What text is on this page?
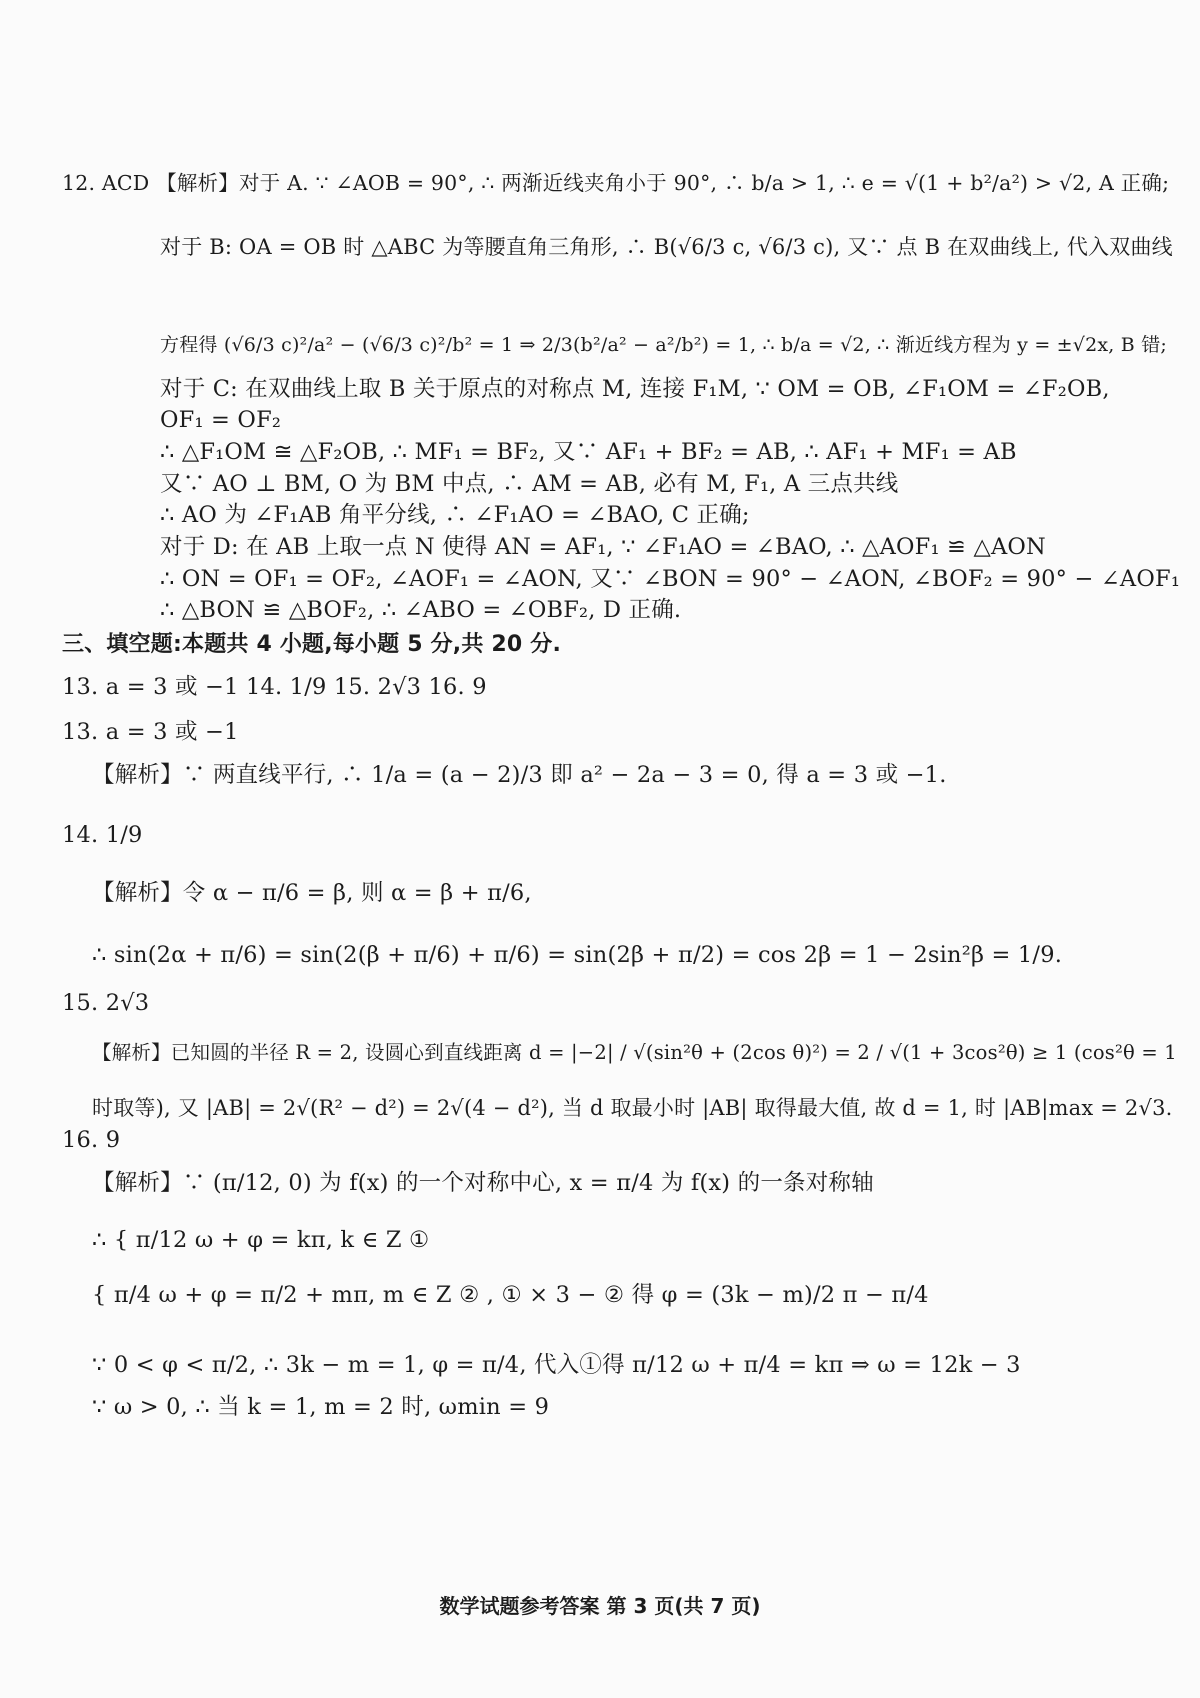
12. ACD 【解析】对于 A. ∵ ∠AOB = 90°, ∴ 两渐近线夹角小于 90°, ∴ b/a > 1, ∴ e = √(1 + b²/a²) > √2, A 正确;
对于 B: OA = OB 时 △ABC 为等腰直角三角形, ∴ B(√6/3 c, √6/3 c), 又∵ 点 B 在双曲线上, 代入双曲线
方程得 (√6/3 c)²/a² − (√6/3 c)²/b² = 1 ⇒ 2/3(b²/a² − a²/b²) = 1, ∴ b/a = √2, ∴ 渐近线方程为 y = ±√2x, B 错;
对于 C: 在双曲线上取 B 关于原点的对称点 M, 连接 F₁M, ∵ OM = OB, ∠F₁OM = ∠F₂OB,
OF₁ = OF₂
∴ △F₁OM ≅ △F₂OB, ∴ MF₁ = BF₂, 又∵ AF₁ + BF₂ = AB, ∴ AF₁ + MF₁ = AB
又∵ AO ⊥ BM, O 为 BM 中点, ∴ AM = AB, 必有 M, F₁, A 三点共线
∴ AO 为 ∠F₁AB 角平分线, ∴ ∠F₁AO = ∠BAO, C 正确;
对于 D: 在 AB 上取一点 N 使得 AN = AF₁, ∵ ∠F₁AO = ∠BAO, ∴ △AOF₁ ≌ △AON
∴ ON = OF₁ = OF₂, ∠AOF₁ = ∠AON, 又∵ ∠BON = 90° − ∠AON, ∠BOF₂ = 90° − ∠AOF₁
∴ △BON ≌ △BOF₂, ∴ ∠ABO = ∠OBF₂, D 正确.
三、填空题:本题共 4 小题,每小题 5 分,共 20 分.
13. a = 3 或 −1 14. 1/9 15. 2√3 16. 9
13. a = 3 或 −1
【解析】∵ 两直线平行, ∴ 1/a = (a − 2)/3 即 a² − 2a − 3 = 0, 得 a = 3 或 −1.
14. 1/9
【解析】令 α − π/6 = β, 则 α = β + π/6,
∴ sin(2α + π/6) = sin(2(β + π/6) + π/6) = sin(2β + π/2) = cos 2β = 1 − 2sin²β = 1/9.
15. 2√3
【解析】已知圆的半径 R = 2, 设圆心到直线距离 d = |−2| / √(sin²θ + (2cos θ)²) = 2 / √(1 + 3cos²θ) ≥ 1 (cos²θ = 1
时取等), 又 |AB| = 2√(R² − d²) = 2√(4 − d²), 当 d 取最小时 |AB| 取得最大值, 故 d = 1, 时 |AB|max = 2√3.
16. 9
【解析】∵ (π/12, 0) 为 f(x) 的一个对称中心, x = π/4 为 f(x) 的一条对称轴
∴ { π/12 ω + φ = kπ, k ∈ Z ①
{ π/4 ω + φ = π/2 + mπ, m ∈ Z ② , ① × 3 − ② 得 φ = (3k − m)/2 π − π/4
∵ 0 < φ < π/2, ∴ 3k − m = 1, φ = π/4, 代入①得 π/12 ω + π/4 = kπ ⇒ ω = 12k − 3
∵ ω > 0, ∴ 当 k = 1, m = 2 时, ωmin = 9
数学试题参考答案 第 3 页(共 7 页)
